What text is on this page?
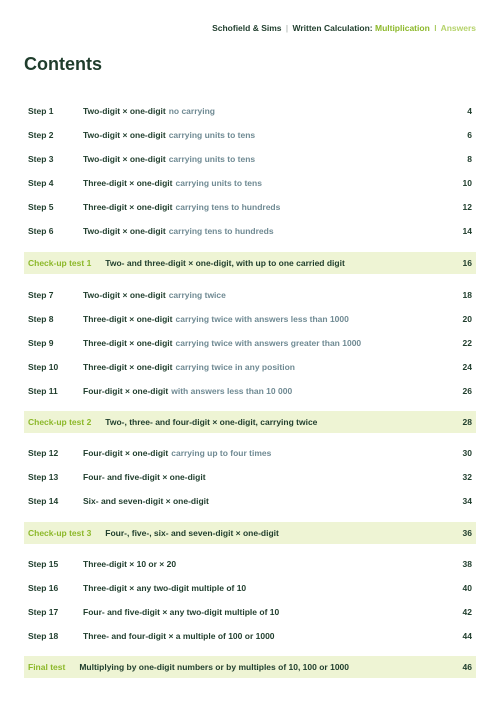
Schofield & Sims | Written Calculation: Multiplication I Answers
Contents
Step 1	Two-digit × one-digit no carrying	4
Step 2	Two-digit × one-digit carrying units to tens	6
Step 3	Two-digit × one-digit carrying units to tens	8
Step 4	Three-digit × one-digit carrying units to tens	10
Step 5	Three-digit × one-digit carrying tens to hundreds	12
Step 6	Two-digit × one-digit carrying tens to hundreds	14
Check-up test 1 Two- and three-digit × one-digit, with up to one carried digit	16
Step 7	Two-digit × one-digit carrying twice	18
Step 8	Three-digit × one-digit carrying twice with answers less than 1000	20
Step 9	Three-digit × one-digit carrying twice with answers greater than 1000	22
Step 10	Three-digit × one-digit carrying twice in any position	24
Step 11	Four-digit × one-digit with answers less than 10 000	26
Check-up test 2 Two-, three- and four-digit × one-digit, carrying twice	28
Step 12	Four-digit × one-digit carrying up to four times	30
Step 13	Four- and five-digit × one-digit	32
Step 14	Six- and seven-digit × one-digit	34
Check-up test 3 Four-, five-, six- and seven-digit × one-digit	36
Step 15	Three-digit × 10 or × 20	38
Step 16	Three-digit × any two-digit multiple of 10	40
Step 17	Four- and five-digit × any two-digit multiple of 10	42
Step 18	Three- and four-digit × a multiple of 100 or 1000	44
Final test Multiplying by one-digit numbers or by multiples of 10, 100 or 1000	46
